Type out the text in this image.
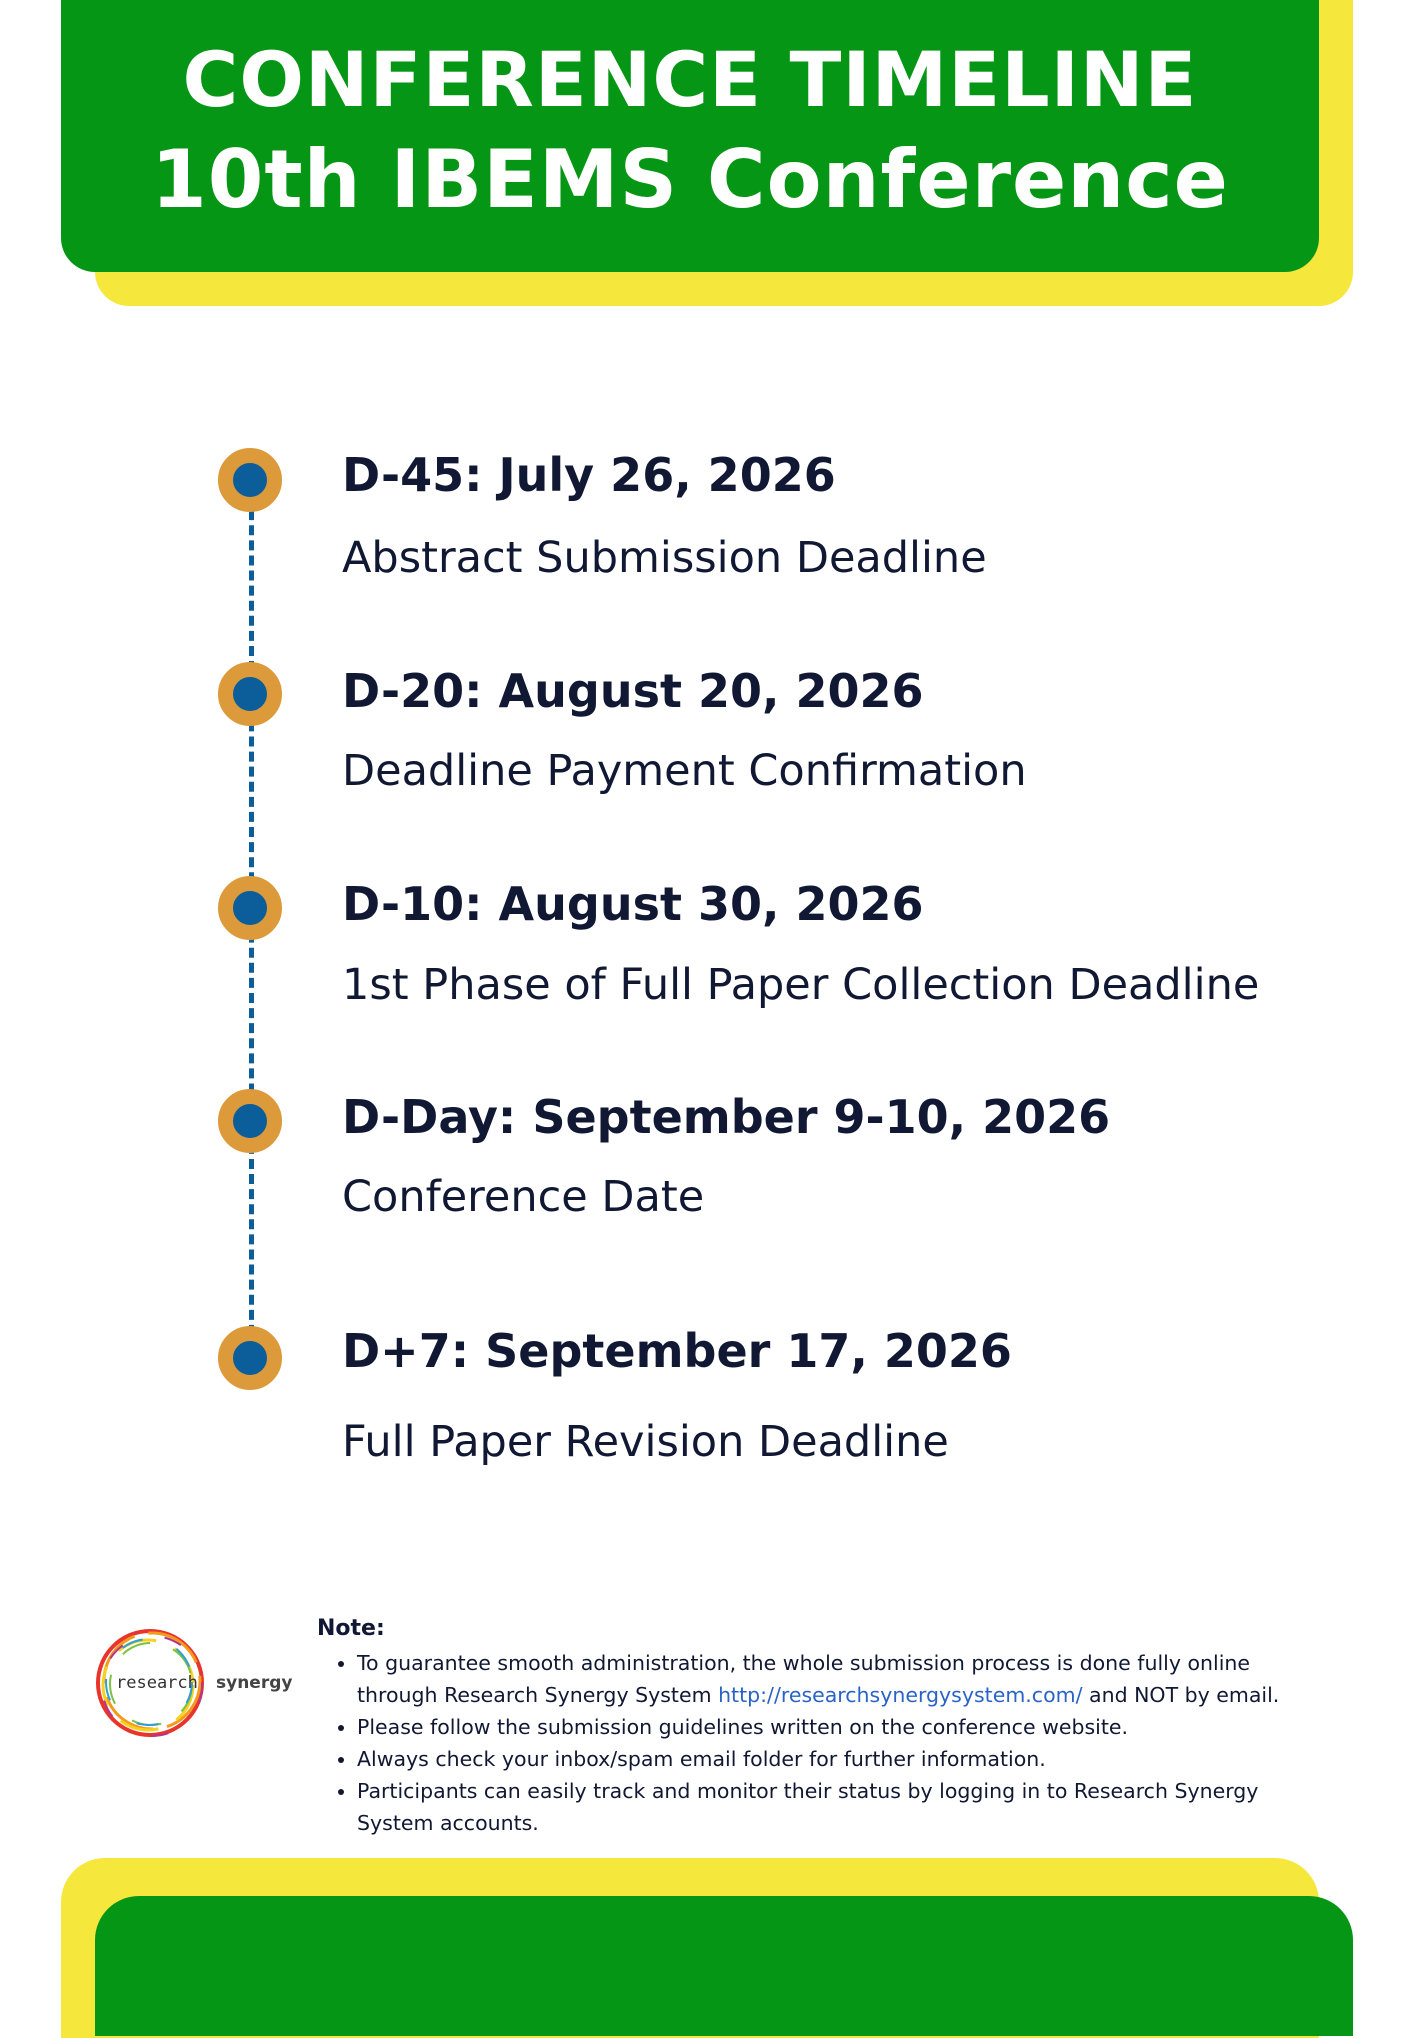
CONFERENCE TIMELINE
10th IBEMS Conference
D-45: July 26, 2026
Abstract Submission Deadline
D-20: August 20, 2026
Deadline Payment Confirmation
D-10: August 30, 2026
1st Phase of Full Paper Collection Deadline
D-Day: September 9-10, 2026
Conference Date
D+7: September 17, 2026
Full Paper Revision Deadline
research synergy
Note:
• To guarantee smooth administration, the whole submission process is done fully online through Research Synergy System http://researchsynergysystem.com/ and NOT by email.
• Please follow the submission guidelines written on the conference website.
• Always check your inbox/spam email folder for further information.
• Participants can easily track and monitor their status by logging in to Research Synergy System accounts.
